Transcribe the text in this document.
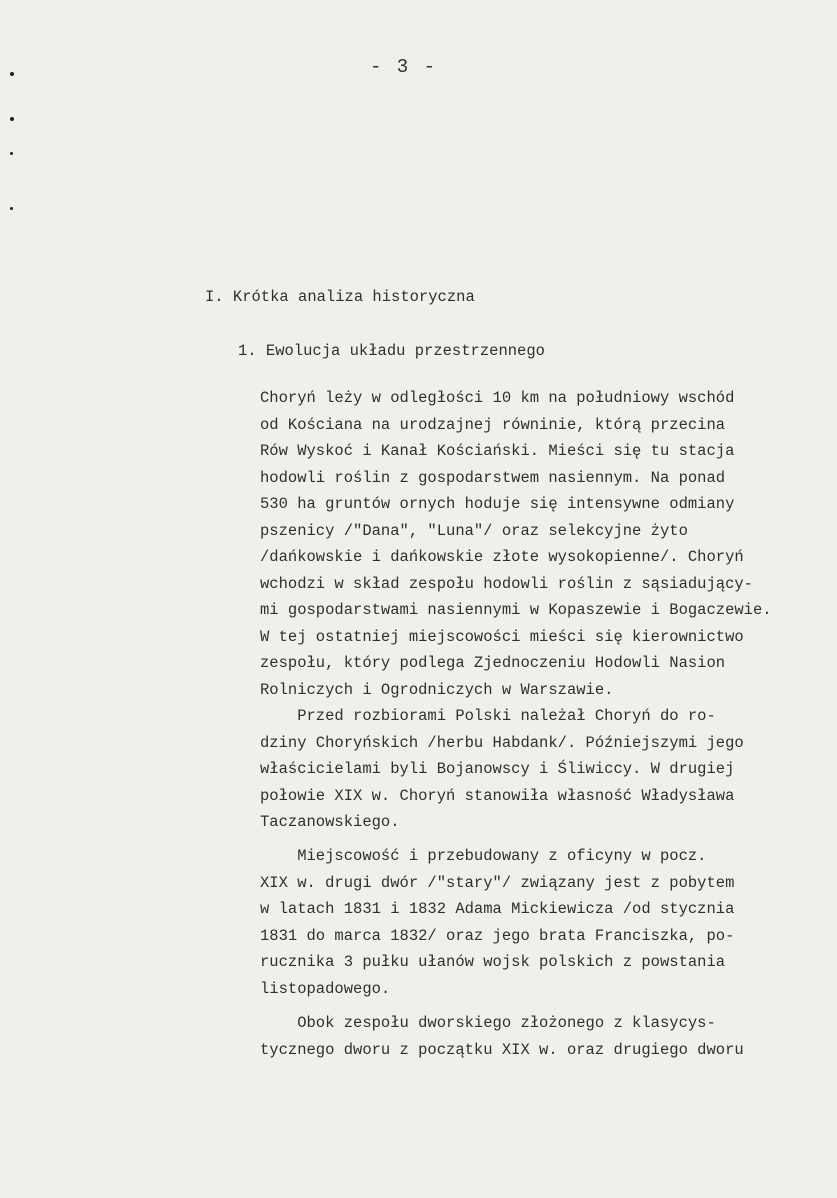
- 3 -
I. Krótka analiza historyczna
1. Ewolucja układu przestrzennego
Choryń leży w odległości 10 km na południowy wschód
od Kościana na urodzajnej równinie, którą przecina
Rów Wyskoć i Kanał Kościański. Mieści się tu stacja
hodowli roślin z gospodarstwem nasiennym. Na ponad
530 ha gruntów ornych hoduje się intensywne odmiany
pszenicy /"Dana", "Luna"/ oraz selekcyjne żyto
/dańkowskie i dańkowskie złote wysokopienne/. Choryń
wchodzi w skład zespołu hodowli roślin z sąsiadujący-
mi gospodarstwami nasiennymi w Kopaszewie i Bogaczewie.
W tej ostatniej miejscowości mieści się kierownictwo
zespołu, który podlega Zjednoczeniu Hodowli Nasion
Rolniczych i Ogrodniczych w Warszawie.
Przed rozbiorami Polski należał Choryń do ro-
dziny Choryńskich /herbu Habdank/. Późniejszymi jego
właścicielami byli Bojanowscy i Śliwiccy. W drugiej
połowie XIX w. Choryń stanowiła własność Władysława
Taczanowskiego.
Miejscowość i przebudowany z oficyny w pocz.
XIX w. drugi dwór /"stary"/ związany jest z pobytem
w latach 1831 i 1832 Adama Mickiewicza /od stycznia
1831 do marca 1832/ oraz jego brata Franciszka, po-
rucznika 3 pułku ułanów wojsk polskich z powstania
listopadowego.
Obok zespołu dworskiego złożonego z klasycys-
tycznego dworu z początku XIX w. oraz drugiego dworu
